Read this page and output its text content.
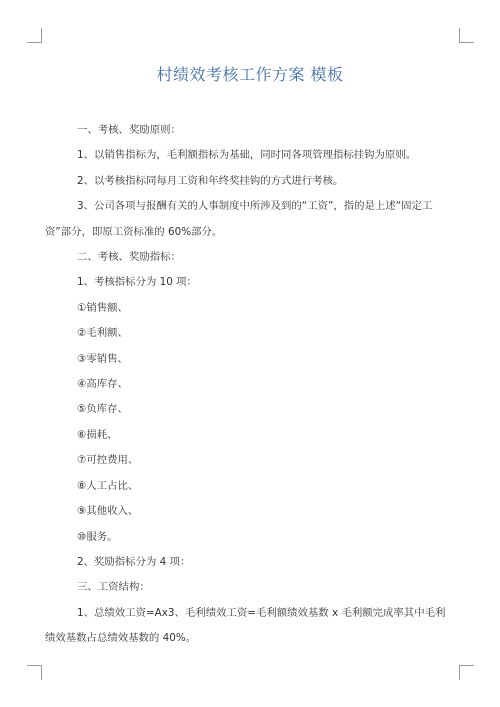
村绩效考核工作方案 模板

一、考核、奖励原则：

1、以销售指标为，毛利额指标为基础，同时同各项管理指标挂钩为原则。

2、以考核指标同每月工资和年终奖挂钩的方式进行考核。

3、公司各项与报酬有关的人事制度中所涉及到的“工资”，指的是上述“固定工

资”部分，即原工资标准的 60%部分。

二、考核、奖励指标：

1、考核指标分为 10 项：

①销售额、

②毛利额、

③零销售、

④高库存、

⑤负库存、

⑥损耗、

⑦可控费用、

⑧人工占比、

⑨其他收入、

⑩服务。

2、奖励指标分为 4 项：

三、工资结构：

1、总绩效工资=Ax3、毛利绩效工资=毛利额绩效基数 x 毛利额完成率其中毛利

绩效基数占总绩效基数的 40%。
